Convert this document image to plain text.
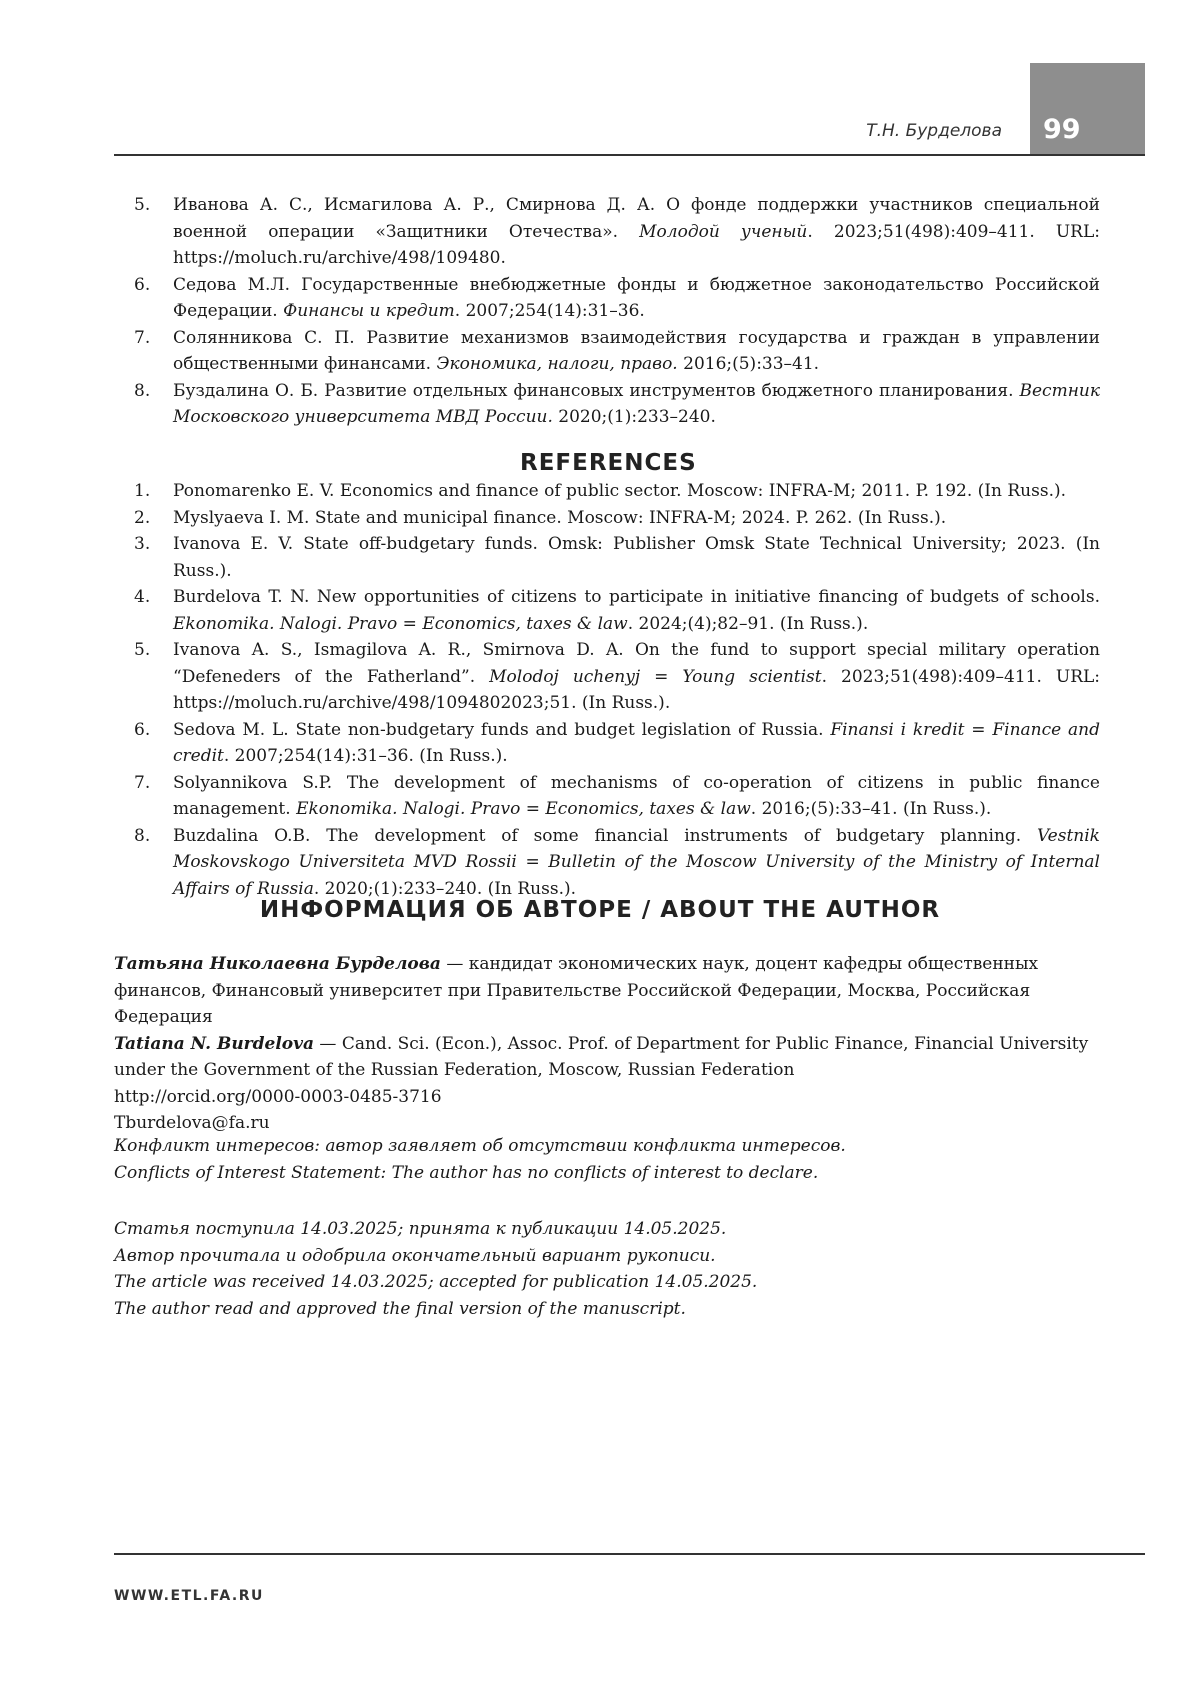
99
Т.Н. Бурделова
5. Иванова А. С., Исмагилова А. Р., Смирнова Д. А. О фонде поддержки участников специальной военной операции «Защитники Отечества». Молодой ученый. 2023;51(498):409–411. URL: https://moluch.ru/archive/498/109480.
6. Седова М.Л. Государственные внебюджетные фонды и бюджетное законодательство Российской Федерации. Финансы и кредит. 2007;254(14):31–36.
7. Солянникова С. П. Развитие механизмов взаимодействия государства и граждан в управлении общественными финансами. Экономика, налоги, право. 2016;(5):33–41.
8. Буздалина О. Б. Развитие отдельных финансовых инструментов бюджетного планирования. Вестник Московского университета МВД России. 2020;(1):233–240.
REFERENCES
1. Ponomarenko E. V. Economics and finance of public sector. Moscow: INFRA-M; 2011. P. 192. (In Russ.).
2. Myslyaeva I. M. State and municipal finance. Moscow: INFRA-M; 2024. P. 262. (In Russ.).
3. Ivanova E. V. State off-budgetary funds. Omsk: Publisher Omsk State Technical University; 2023. (In Russ.).
4. Burdelova T. N. New opportunities of citizens to participate in initiative financing of budgets of schools. Ekonomika. Nalogi. Pravo = Economics, taxes & law. 2024;(4);82–91. (In Russ.).
5. Ivanova A. S., Ismagilova A. R., Smirnova D. A. On the fund to support special military operation “Defeneders of the Fatherland”. Molodoj uchenyj = Young scientist. 2023;51(498):409–411. URL: https://moluch.ru/archive/498/1094802023;51. (In Russ.).
6. Sedova M. L. State non-budgetary funds and budget legislation of Russia. Finansi i kredit = Finance and credit. 2007;254(14):31–36. (In Russ.).
7. Solyannikova S.P. The development of mechanisms of co-operation of citizens in public finance management. Ekonomika. Nalogi. Pravo = Economics, taxes & law. 2016;(5):33–41. (In Russ.).
8. Buzdalina O.B. The development of some financial instruments of budgetary planning. Vestnik Moskovskogo Universiteta MVD Rossii = Bulletin of the Moscow University of the Ministry of Internal Affairs of Russia. 2020;(1):233–240. (In Russ.).
ИНФОРМАЦИЯ ОБ АВТОРЕ / ABOUT THE AUTHOR

Татьяна Николаевна Бурделова — кандидат экономических наук, доцент кафедры общественных финансов, Финансовый университет при Правительстве Российской Федерации, Москва, Российская Федерация

Tatiana N. Burdelova — Cand. Sci. (Econ.), Assoc. Prof. of Department for Public Finance, Financial University under the Government of the Russian Federation, Moscow, Russian Federation

http://orcid.org/0000-0003-0485-3716

Tburdelova@fa.ru

Конфликт интересов: автор заявляет об отсутствии конфликта интересов.

Conflicts of Interest Statement: The author has no conflicts of interest to declare.

Статья поступила 14.03.2025; принята к публикации 14.05.2025.

Автор прочитала и одобрила окончательный вариант рукописи.

The article was received 14.03.2025; accepted for publication 14.05.2025.

The author read and approved the final version of the manuscript.

WWW.ETL.FA.RU
